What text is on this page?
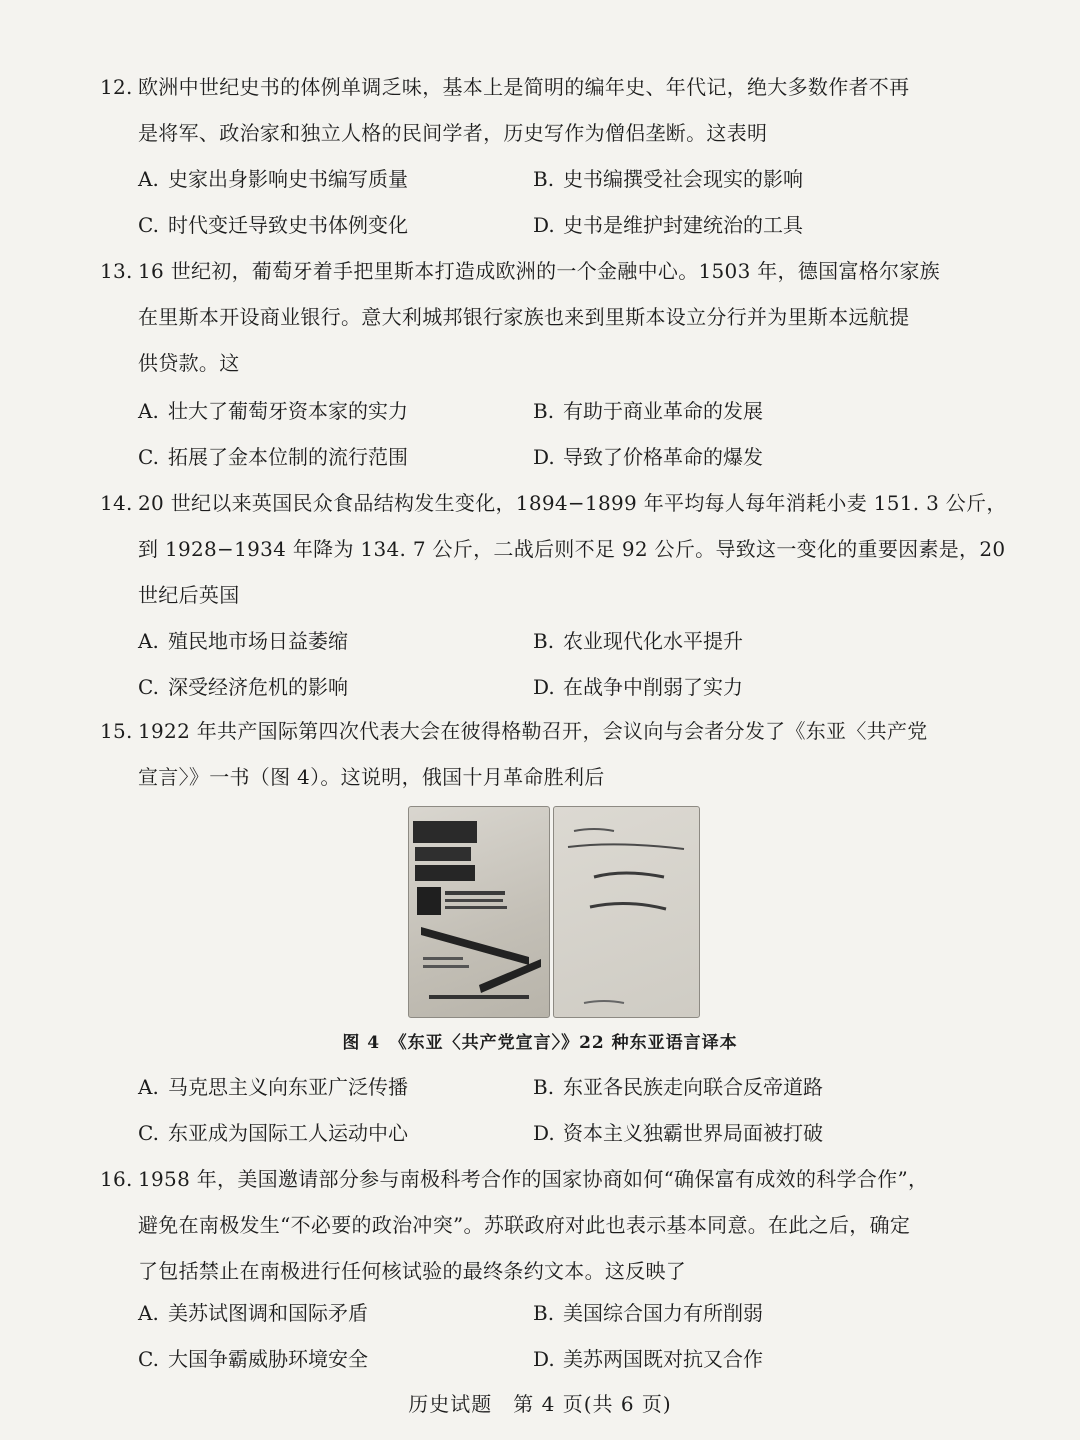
12. 欧洲中世纪史书的体例单调乏味，基本上是简明的编年史、年代记，绝大多数作者不再
是将军、政治家和独立人格的民间学者，历史写作为僧侣垄断。这表明
A. 史家出身影响史书编写质量	B. 史书编撰受社会现实的影响
C. 时代变迁导致史书体例变化	D. 史书是维护封建统治的工具
13. 16 世纪初，葡萄牙着手把里斯本打造成欧洲的一个金融中心。1503 年，德国富格尔家族
在里斯本开设商业银行。意大利城邦银行家族也来到里斯本设立分行并为里斯本远航提
供贷款。这
A. 壮大了葡萄牙资本家的实力	B. 有助于商业革命的发展
C. 拓展了金本位制的流行范围	D. 导致了价格革命的爆发
14. 20 世纪以来英国民众食品结构发生变化，1894−1899 年平均每人每年消耗小麦 151. 3 公斤，
到 1928−1934 年降为 134. 7 公斤，二战后则不足 92 公斤。导致这一变化的重要因素是，20
世纪后英国
A. 殖民地市场日益萎缩	B. 农业现代化水平提升
C. 深受经济危机的影响	D. 在战争中削弱了实力
15. 1922 年共产国际第四次代表大会在彼得格勒召开，会议向与会者分发了《东亚〈共产党
宣言〉》一书（图 4）。这说明，俄国十月革命胜利后
图 4　《东亚〈共产党宣言〉》22 种东亚语言译本
A. 马克思主义向东亚广泛传播	B. 东亚各民族走向联合反帝道路
C. 东亚成为国际工人运动中心	D. 资本主义独霸世界局面被打破
16. 1958 年，美国邀请部分参与南极科考合作的国家协商如何“确保富有成效的科学合作”，
避免在南极发生“不必要的政治冲突”。苏联政府对此也表示基本同意。在此之后，确定
了包括禁止在南极进行任何核试验的最终条约文本。这反映了
A. 美苏试图调和国际矛盾	B. 美国综合国力有所削弱
C. 大国争霸威胁环境安全	D. 美苏两国既对抗又合作
历史试题　第 4 页(共 6 页)
